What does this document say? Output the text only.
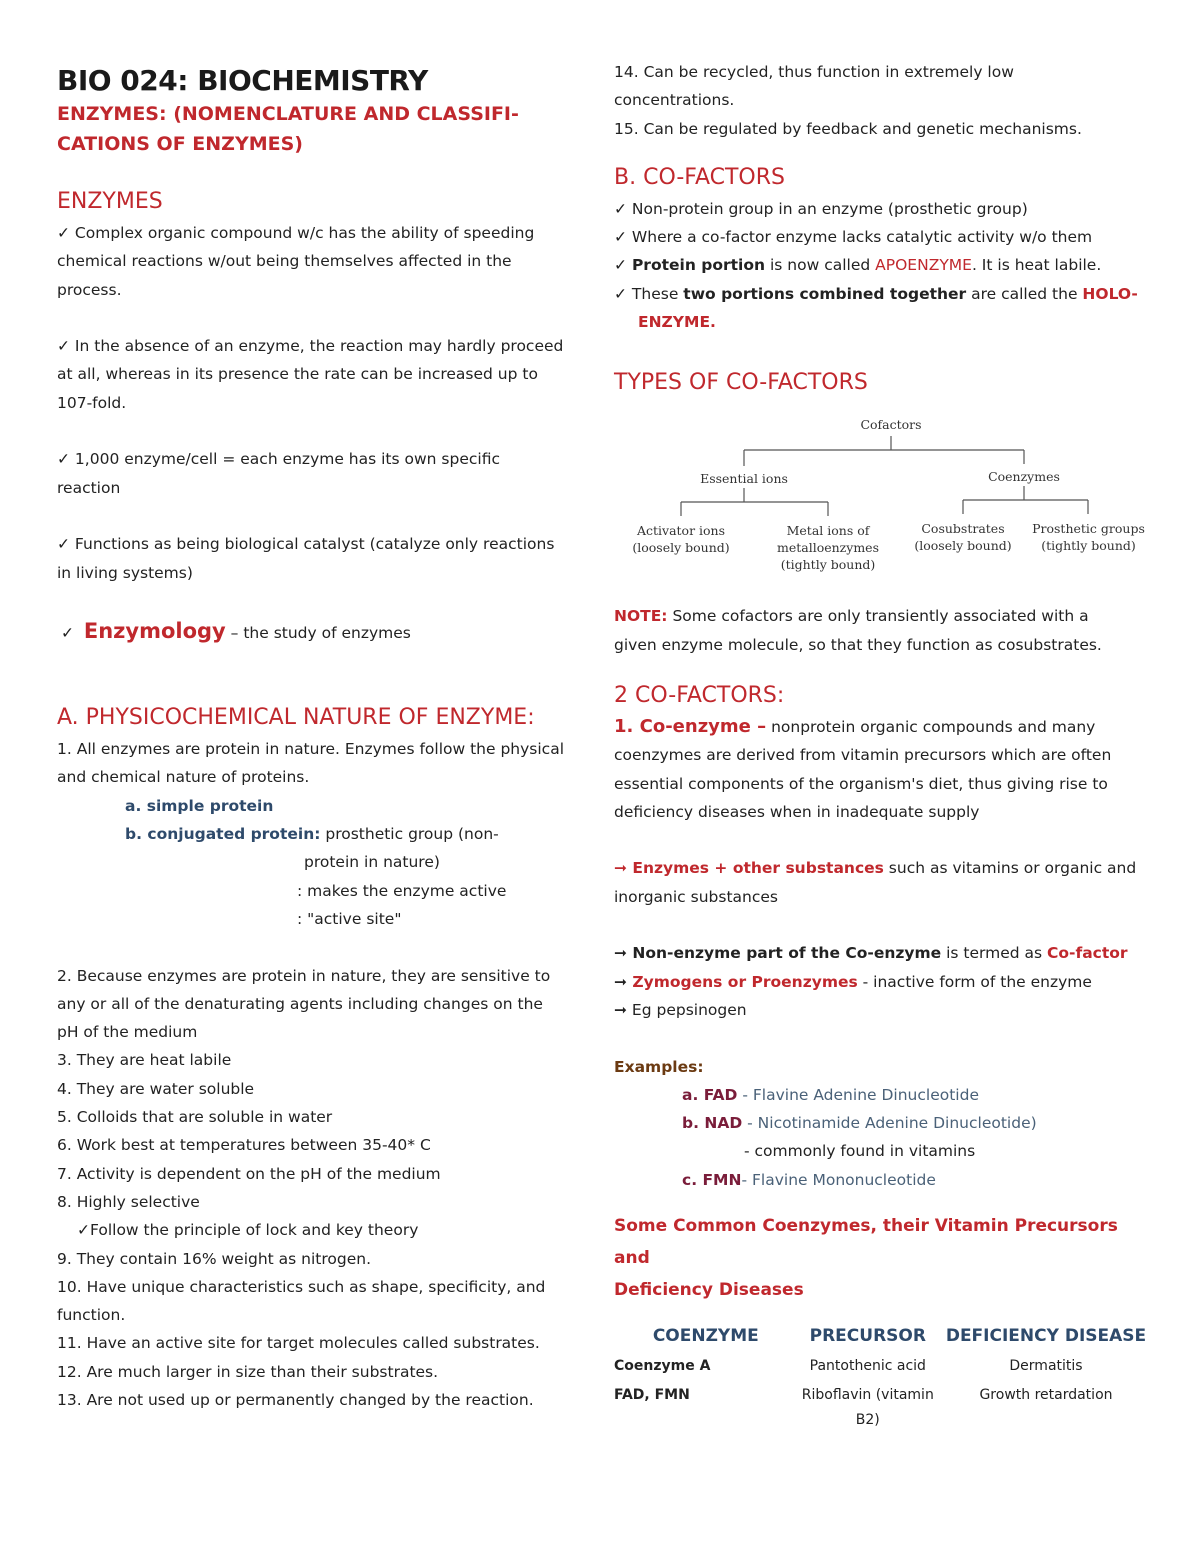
BIO 024: BIOCHEMISTRY
ENZYMES: (NOMENCLATURE AND CLASSIFI-
CATIONS OF ENZYMES)
ENZYMES

✓ Complex organic compound w/c has the ability of speeding

chemical reactions w/out being themselves affected in the

process.

✓ In the absence of an enzyme, the reaction may hardly proceed

at all, whereas in its presence the rate can be increased up to

107-fold.

✓ 1,000 enzyme/cell = each enzyme has its own specific

reaction

✓ Functions as being biological catalyst (catalyze only reactions

in living systems)

✓ Enzymology – the study of enzymes

A. PHYSICOCHEMICAL NATURE OF ENZYME:

1. All enzymes are protein in nature. Enzymes follow the physical

and chemical nature of proteins.

a. simple protein

b. conjugated protein: prosthetic group (non-

protein in nature)

: makes the enzyme active

: "active site"

2. Because enzymes are protein in nature, they are sensitive to

any or all of the denaturating agents including changes on the

pH of the medium

3. They are heat labile

4. They are water soluble

5. Colloids that are soluble in water

6. Work best at temperatures between 35-40* C

7. Activity is dependent on the pH of the medium

8. Highly selective

✓Follow the principle of lock and key theory

9. They contain 16% weight as nitrogen.

10. Have unique characteristics such as shape, specificity, and

function.

11. Have an active site for target molecules called substrates.

12. Are much larger in size than their substrates.

13. Are not used up or permanently changed by the reaction.

14. Can be recycled, thus function in extremely low

concentrations.

15. Can be regulated by feedback and genetic mechanisms.

B. CO-FACTORS

✓ Non-protein group in an enzyme (prosthetic group)

✓ Where a co-factor enzyme lacks catalytic activity w/o them

✓ Protein portion is now called APOENZYME. It is heat labile.

✓ These two portions combined together are called the HOLO-

ENZYME.

TYPES OF CO-FACTORS
Cofactors
Essential ions	Coenzymes
Activator ions
(loosely bound)
Metal ions of
metalloenzymes
(tightly bound)
Cosubstrates
(loosely bound)
Prosthetic groups
(tightly bound)

NOTE: Some cofactors are only transiently associated with a

given enzyme molecule, so that they function as cosubstrates.

2 CO-FACTORS:

1. Co-enzyme – nonprotein organic compounds and many

coenzymes are derived from vitamin precursors which are often

essential components of the organism's diet, thus giving rise to

deficiency diseases when in inadequate supply

➞ Enzymes + other substances such as vitamins or organic and

inorganic substances

➞ Non-enzyme part of the Co-enzyme is termed as Co-factor

➞ Zymogens or Proenzymes - inactive form of the enzyme

➞ Eg pepsinogen

Examples:

a. FAD - Flavine Adenine Dinucleotide

b. NAD - Nicotinamide Adenine Dinucleotide)

- commonly found in vitamins

c. FMN- Flavine Mononucleotide

Some Common Coenzymes, their Vitamin Precursors and
Deficiency Diseases
COENZYME	PRECURSOR	DEFICIENCY DISEASE
Coenzyme A	Pantothenic acid	Dermatitis
FAD, FMN	Riboflavin (vitamin B2)	Growth retardation
